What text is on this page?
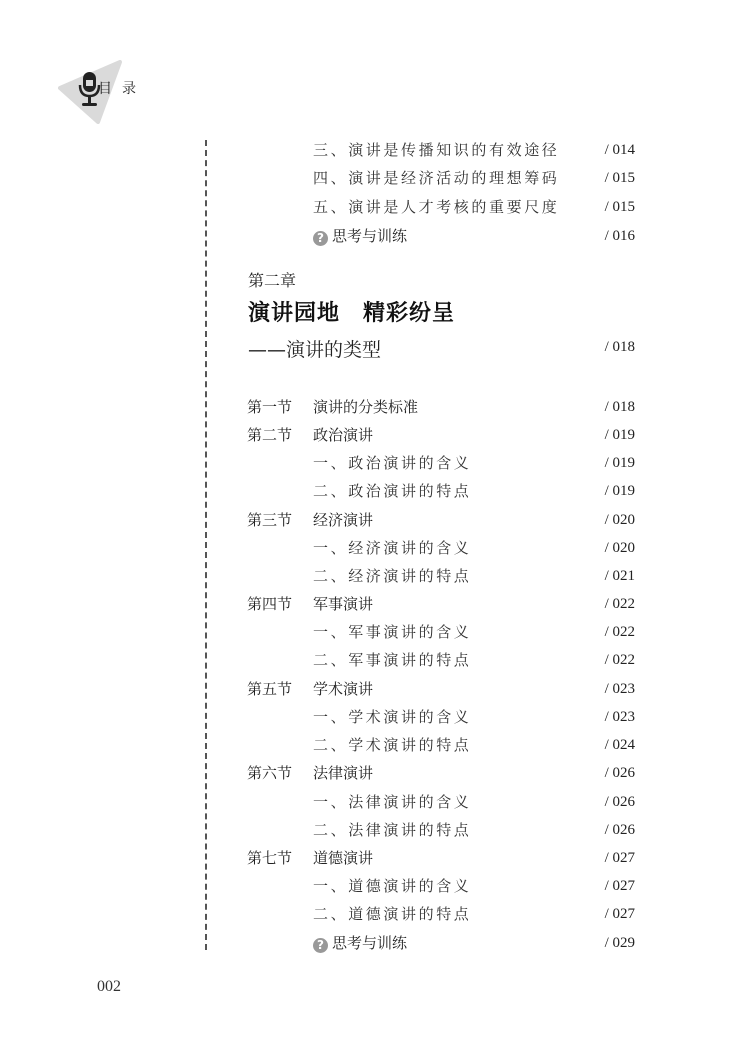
目录
三、演讲是传播知识的有效途径	/ 014
四、演讲是经济活动的理想筹码	/ 015
五、演讲是人才考核的重要尺度	/ 015
? 思考与训练	/ 016
第二章
演讲园地　精彩纷呈
——演讲的类型	/ 018
第一节 演讲的分类标准	/ 018
第二节 政治演讲	/ 019
一、政治演讲的含义	/ 019
二、政治演讲的特点	/ 019
第三节 经济演讲	/ 020
一、经济演讲的含义	/ 020
二、经济演讲的特点	/ 021
第四节 军事演讲	/ 022
一、军事演讲的含义	/ 022
二、军事演讲的特点	/ 022
第五节 学术演讲	/ 023
一、学术演讲的含义	/ 023
二、学术演讲的特点	/ 024
第六节 法律演讲	/ 026
一、法律演讲的含义	/ 026
二、法律演讲的特点	/ 026
第七节 道德演讲	/ 027
一、道德演讲的含义	/ 027
二、道德演讲的特点	/ 027
? 思考与训练	/ 029
002
